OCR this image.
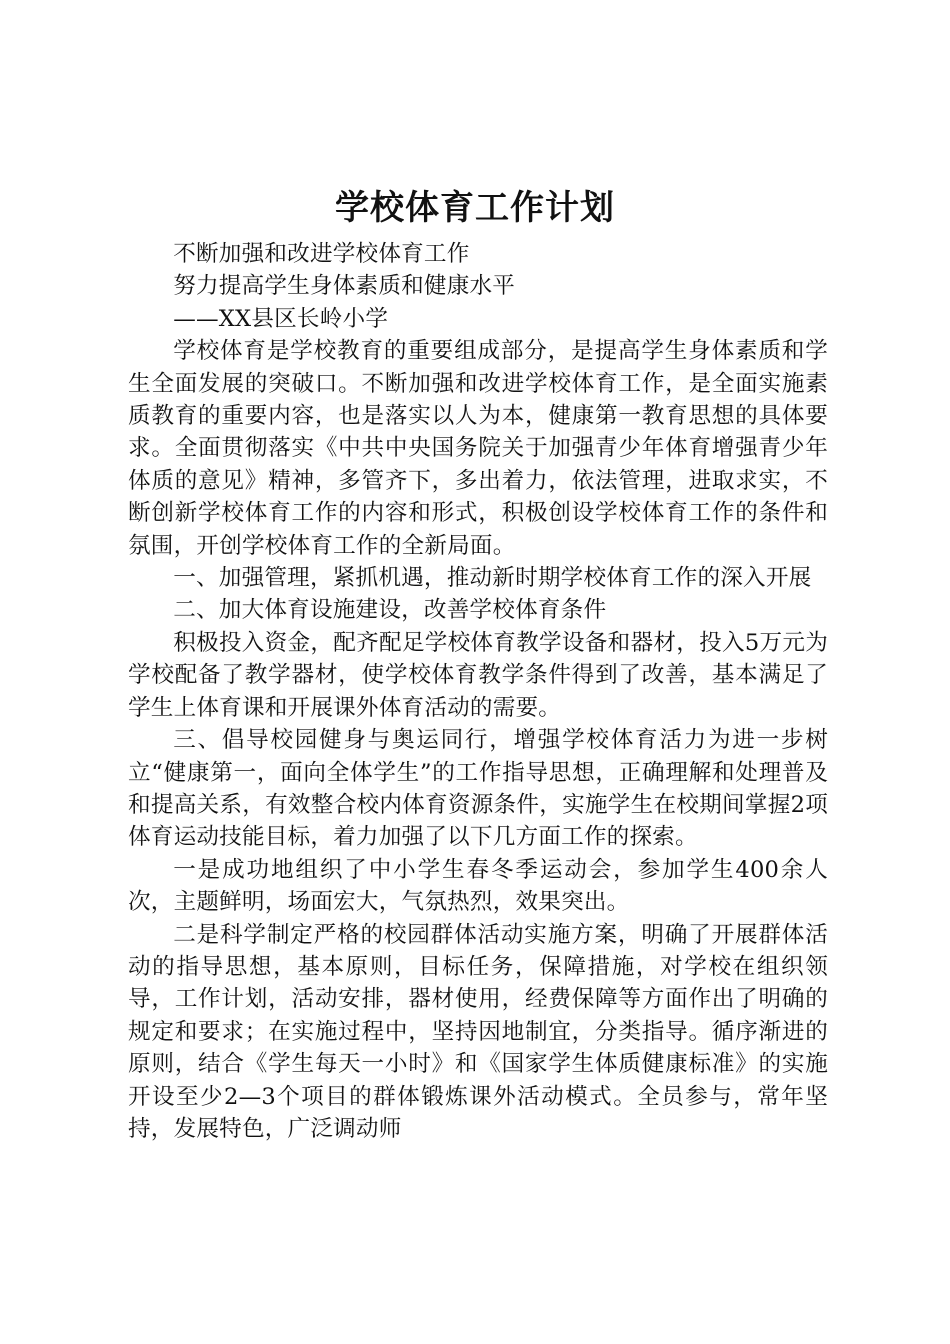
学校体育工作计划

不断加强和改进学校体育工作

努力提高学生身体素质和健康水平

——XX县区长岭小学

学校体育是学校教育的重要组成部分，是提高学生身体素质和学生全面发展的突破口。不断加强和改进学校体育工作，是全面实施素质教育的重要内容，也是落实以人为本，健康第一教育思想的具体要求。全面贯彻落实《中共中央国务院关于加强青少年体育增强青少年体质的意见》精神，多管齐下，多出着力，依法管理，进取求实，不断创新学校体育工作的内容和形式，积极创设学校体育工作的条件和氛围，开创学校体育工作的全新局面。

一、加强管理，紧抓机遇，推动新时期学校体育工作的深入开展

二、加大体育设施建设，改善学校体育条件

积极投入资金，配齐配足学校体育教学设备和器材，投入5万元为学校配备了教学器材，使学校体育教学条件得到了改善，基本满足了学生上体育课和开展课外体育活动的需要。

三、倡导校园健身与奥运同行，增强学校体育活力为进一步树立“健康第一，面向全体学生”的工作指导思想，正确理解和处理普及和提高关系，有效整合校内体育资源条件，实施学生在校期间掌握2项体育运动技能目标，着力加强了以下几方面工作的探索。

一是成功地组织了中小学生春冬季运动会，参加学生400余人次，主题鲜明，场面宏大，气氛热烈，效果突出。

二是科学制定严格的校园群体活动实施方案，明确了开展群体活动的指导思想，基本原则，目标任务，保障措施，对学校在组织领导，工作计划，活动安排，器材使用，经费保障等方面作出了明确的规定和要求；在实施过程中，坚持因地制宜，分类指导。循序渐进的原则，结合《学生每天一小时》和《国家学生体质健康标准》的实施开设至少2—3个项目的群体锻炼课外活动模式。全员参与，常年坚持，发展特色，广泛调动师
